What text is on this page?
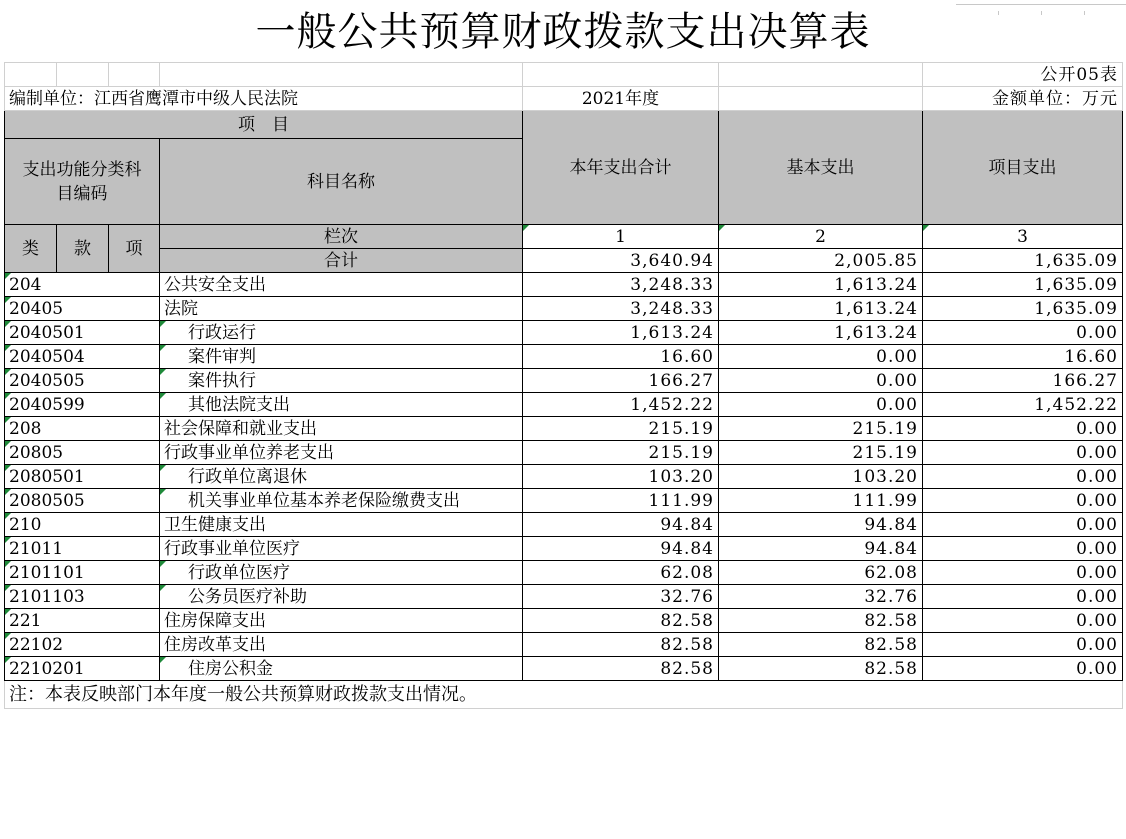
一般公共预算财政拨款支出决算表
						公开05表
编制单位：江西省鹰潭市中级人民法院				2021年度		金额单位：万元
项　目				本年支出合计	基本支出	项目支出
支出功能分类科目编码			科目名称			
类	款	项	栏次	1	2	3
			合计	3,640.94	2,005.85	1,635.09
204			公共安全支出	3,248.33	1,613.24	1,635.09
20405			法院	3,248.33	1,613.24	1,635.09
2040501			行政运行	1,613.24	1,613.24	0.00
2040504			案件审判	16.60	0.00	16.60
2040505			案件执行	166.27	0.00	166.27
2040599			其他法院支出	1,452.22	0.00	1,452.22
208			社会保障和就业支出	215.19	215.19	0.00
20805			行政事业单位养老支出	215.19	215.19	0.00
2080501			行政单位离退休	103.20	103.20	0.00
2080505			机关事业单位基本养老保险缴费支出	111.99	111.99	0.00
210			卫生健康支出	94.84	94.84	0.00
21011			行政事业单位医疗	94.84	94.84	0.00
2101101			行政单位医疗	62.08	62.08	0.00
2101103			公务员医疗补助	32.76	32.76	0.00
221			住房保障支出	82.58	82.58	0.00
22102			住房改革支出	82.58	82.58	0.00
2210201			住房公积金	82.58	82.58	0.00
注：本表反映部门本年度一般公共预算财政拨款支出情况。						
